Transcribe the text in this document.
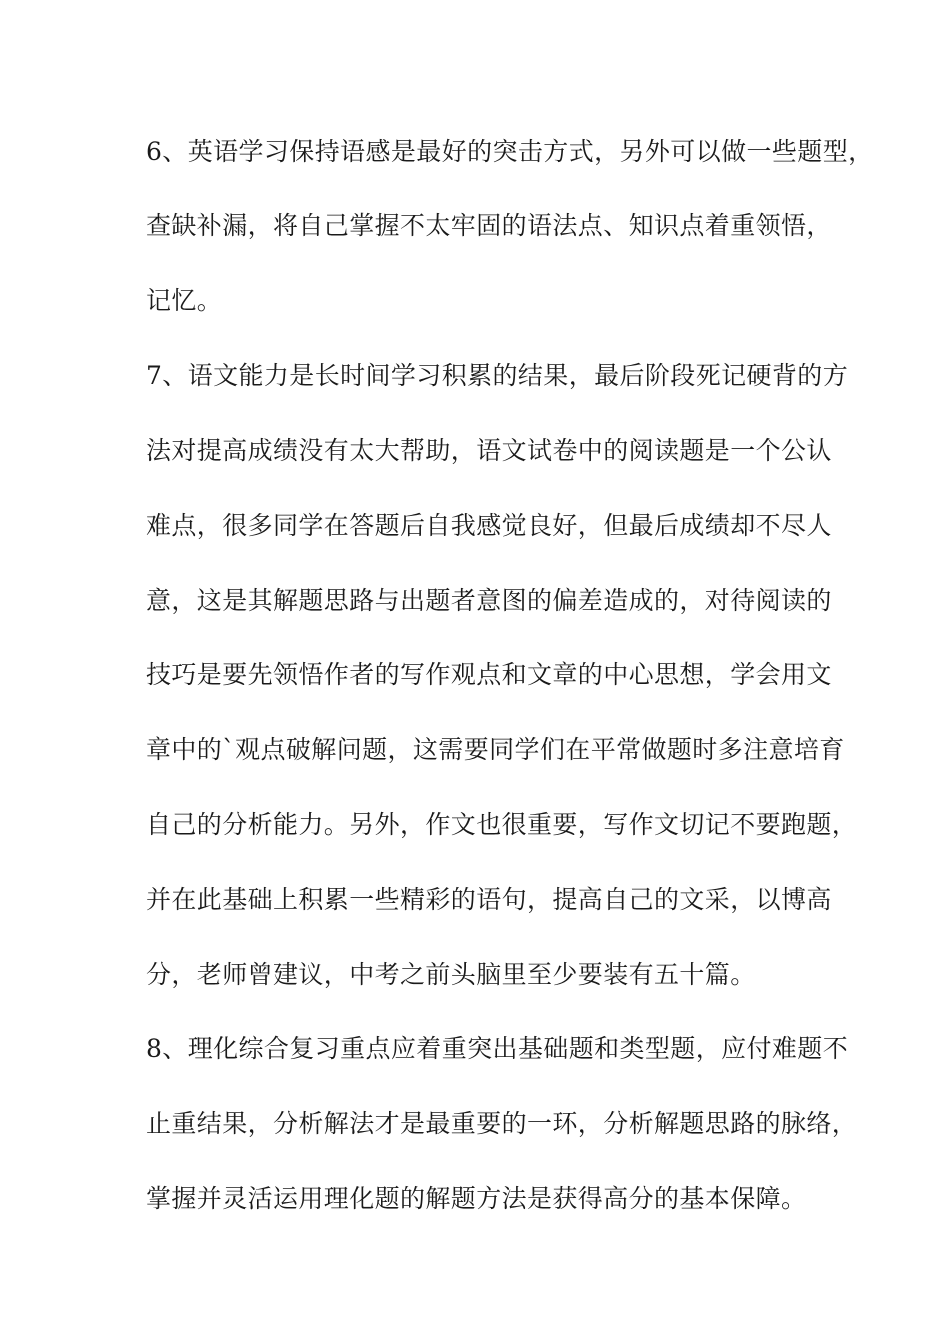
6、英语学习保持语感是最好的突击方式，另外可以做一些题型，
查缺补漏，将自己掌握不太牢固的语法点、知识点着重领悟，
记忆。
7、语文能力是长时间学习积累的结果，最后阶段死记硬背的方
法对提高成绩没有太大帮助，语文试卷中的阅读题是一个公认
难点，很多同学在答题后自我感觉良好，但最后成绩却不尽人
意，这是其解题思路与出题者意图的偏差造成的，对待阅读的
技巧是要先领悟作者的写作观点和文章的中心思想，学会用文
章中的`观点破解问题，这需要同学们在平常做题时多注意培育
自己的分析能力。另外，作文也很重要，写作文切记不要跑题，
并在此基础上积累一些精彩的语句，提高自己的文采，以博高
分，老师曾建议，中考之前头脑里至少要装有五十篇。
8、理化综合复习重点应着重突出基础题和类型题，应付难题不
止重结果，分析解法才是最重要的一环，分析解题思路的脉络，
掌握并灵活运用理化题的解题方法是获得高分的基本保障。
